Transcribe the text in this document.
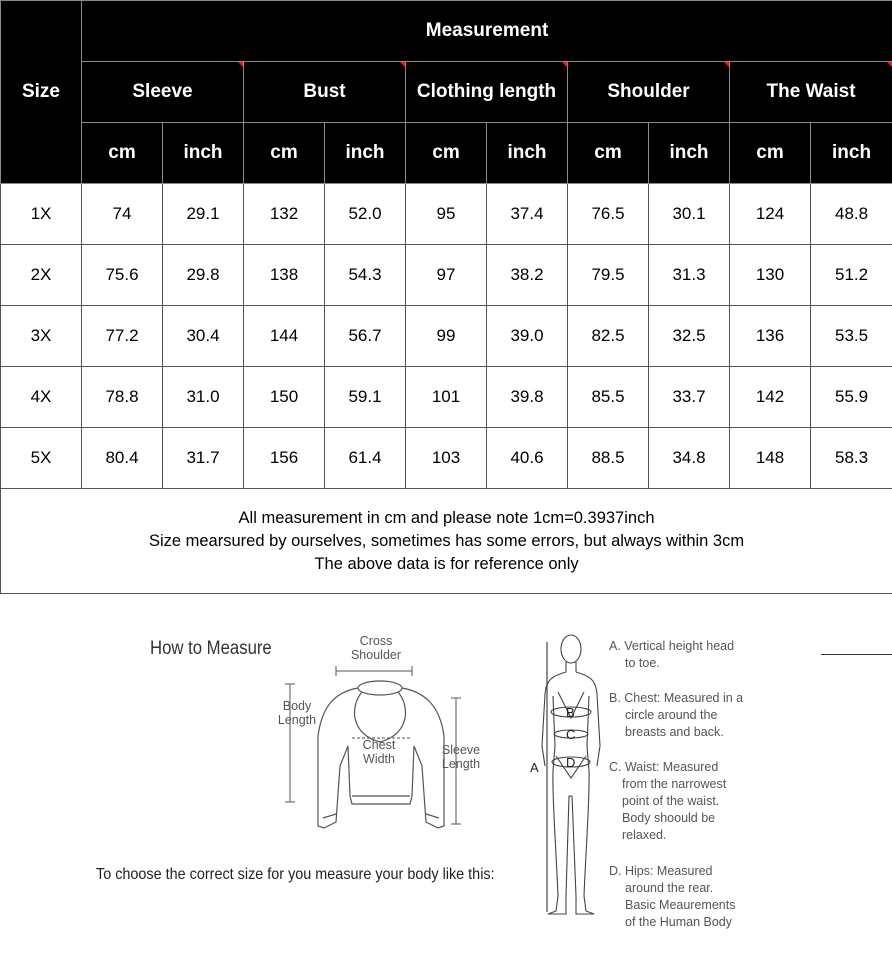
Size	Measurement									
	Sleeve		Bust		Clothing length		Shoulder		The Waist	
	cm	inch	cm	inch	cm	inch	cm	inch	cm	inch
1X	74	29.1	132	52.0	95	37.4	76.5	30.1	124	48.8
2X	75.6	29.8	138	54.3	97	38.2	79.5	31.3	130	51.2
3X	77.2	30.4	144	56.7	99	39.0	82.5	32.5	136	53.5
4X	78.8	31.0	150	59.1	101	39.8	85.5	33.7	142	55.9
5X	80.4	31.7	156	61.4	103	40.6	88.5	34.8	148	58.3

All measurement in cm and please note 1cm=0.3937inch
Size mearsured by ourselves, sometimes has some errors, but always within 3cm
The above data is for reference only										
How to Measure	Cross
Shoulder
Body
Length
Chest
Width
Sleeve
Length
To choose the correct size for you measure your body like this:
A
B
C
D
A. Vertical height head
to toe.
B. Chest: Measured in a
circle around the
breasts and back.
C. Waist: Measured
from the narrowest
point of the waist.
Body shoould be
relaxed.
D. Hips: Measured
around the rear.
Basic Meaurements
of the Human Body
